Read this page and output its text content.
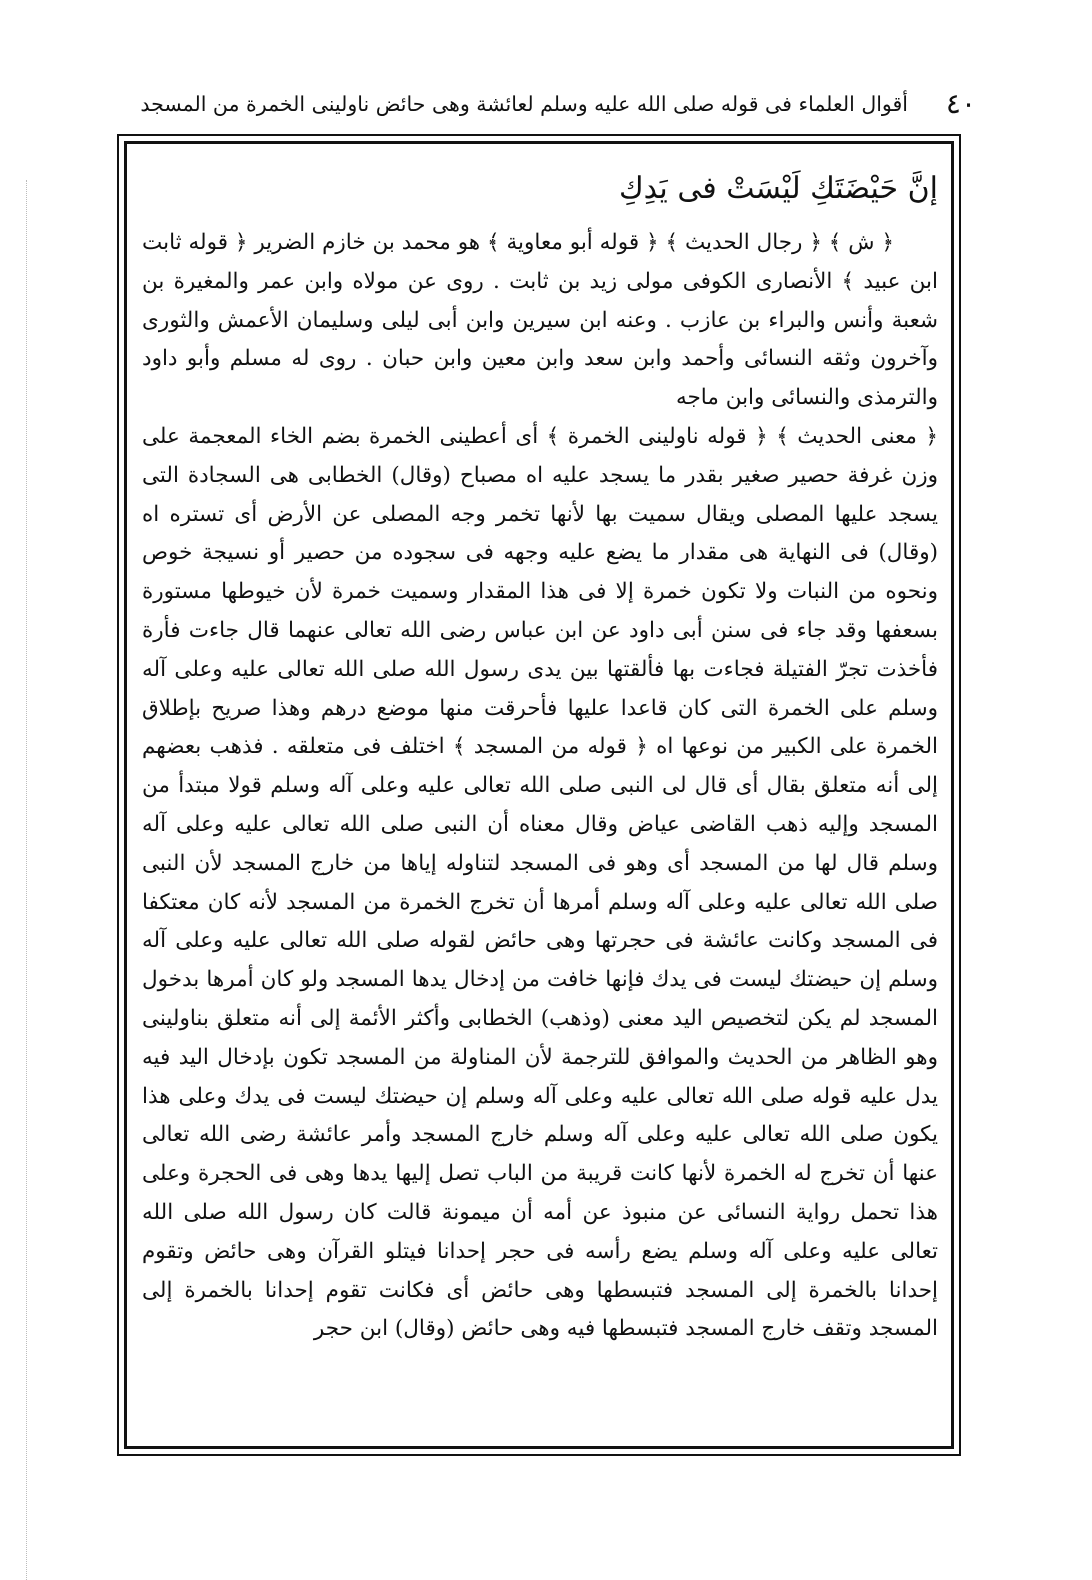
٤٠
أقوال العلماء فى قوله صلى الله عليه وسلم لعائشة وهى حائض ناولينى الخمرة من المسجد

إنَّ حَيْضَتَكِ لَيْسَتْ فى يَدِكِ

﴿ ش ﴾ ﴿ رجال الحديث ﴾ ﴿ قوله أبو معاوية ﴾ هو محمد بن خازم الضرير ﴿ قوله ثابت ابن عبيد ﴾ الأنصارى الكوفى مولى زيد بن ثابت . روى عن مولاه وابن عمر والمغيرة بن شعبة وأنس والبراء بن عازب . وعنه ابن سيرين وابن أبى ليلى وسليمان الأعمش والثورى وآخرون وثقه النسائى وأحمد وابن سعد وابن معين وابن حبان . روى له مسلم وأبو داود والترمذى والنسائى وابن ماجه

﴿ معنى الحديث ﴾ ﴿ قوله ناولينى الخمرة ﴾ أى أعطينى الخمرة بضم الخاء المعجمة على وزن غرفة حصير صغير بقدر ما يسجد عليه اه مصباح (وقال) الخطابى هى السجادة التى يسجد عليها المصلى ويقال سميت بها لأنها تخمر وجه المصلى عن الأرض أى تستره اه (وقال) فى النهاية هى مقدار ما يضع عليه وجهه فى سجوده من حصير أو نسيجة خوص ونحوه من النبات ولا تكون خمرة إلا فى هذا المقدار وسميت خمرة لأن خيوطها مستورة بسعفها وقد جاء فى سنن أبى داود عن ابن عباس رضى الله تعالى عنهما قال جاءت فأرة فأخذت تجرّ الفتيلة فجاءت بها فألقتها بين يدى رسول الله صلى الله تعالى عليه وعلى آله وسلم على الخمرة التى كان قاعدا عليها فأحرقت منها موضع درهم وهذا صريح بإطلاق الخمرة على الكبير من نوعها اه ﴿ قوله من المسجد ﴾ اختلف فى متعلقه . فذهب بعضهم إلى أنه متعلق بقال أى قال لى النبى صلى الله تعالى عليه وعلى آله وسلم قولا مبتدأ من المسجد وإليه ذهب القاضى عياض وقال معناه أن النبى صلى الله تعالى عليه وعلى آله وسلم قال لها من المسجد أى وهو فى المسجد لتناوله إياها من خارج المسجد لأن النبى صلى الله تعالى عليه وعلى آله وسلم أمرها أن تخرج الخمرة من المسجد لأنه كان معتكفا فى المسجد وكانت عائشة فى حجرتها وهى حائض لقوله صلى الله تعالى عليه وعلى آله وسلم إن حيضتك ليست فى يدك فإنها خافت من إدخال يدها المسجد ولو كان أمرها بدخول المسجد لم يكن لتخصيص اليد معنى (وذهب) الخطابى وأكثر الأئمة إلى أنه متعلق بناولينى وهو الظاهر من الحديث والموافق للترجمة لأن المناولة من المسجد تكون بإدخال اليد فيه يدل عليه قوله صلى الله تعالى عليه وعلى آله وسلم إن حيضتك ليست فى يدك وعلى هذا يكون صلى الله تعالى عليه وعلى آله وسلم خارج المسجد وأمر عائشة رضى الله تعالى عنها أن تخرج له الخمرة لأنها كانت قريبة من الباب تصل إليها يدها وهى فى الحجرة وعلى هذا تحمل رواية النسائى عن منبوذ عن أمه أن ميمونة قالت كان رسول الله صلى الله تعالى عليه وعلى آله وسلم يضع رأسه فى حجر إحدانا فيتلو القرآن وهى حائض وتقوم إحدانا بالخمرة إلى المسجد فتبسطها وهى حائض أى فكانت تقوم إحدانا بالخمرة إلى المسجد وتقف خارج المسجد فتبسطها فيه وهى حائض (وقال) ابن حجر
